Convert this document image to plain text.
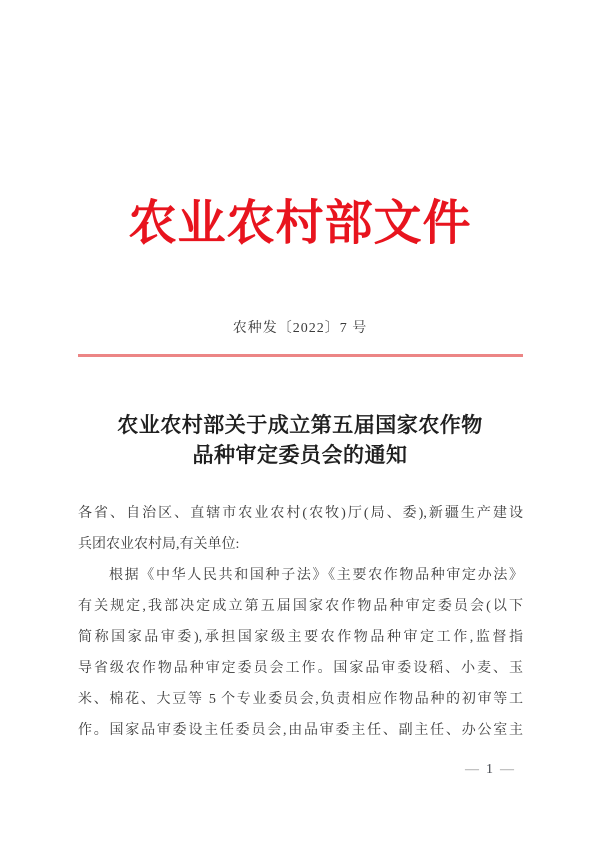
农业农村部文件
农种发〔2022〕7 号
农业农村部关于成立第五届国家农作物
品种审定委员会的通知
各省、自治区、直辖市农业农村(农牧)厅(局、委),新疆生产建设
兵团农业农村局,有关单位:
根据《中华人民共和国种子法》《主要农作物品种审定办法》
有关规定,我部决定成立第五届国家农作物品种审定委员会(以下
简称国家品审委),承担国家级主要农作物品种审定工作,监督指
导省级农作物品种审定委员会工作。国家品审委设稻、小麦、玉
米、棉花、大豆等 5 个专业委员会,负责相应作物品种的初审等工
作。国家品审委设主任委员会,由品审委主任、副主任、办公室主
— 1 —
